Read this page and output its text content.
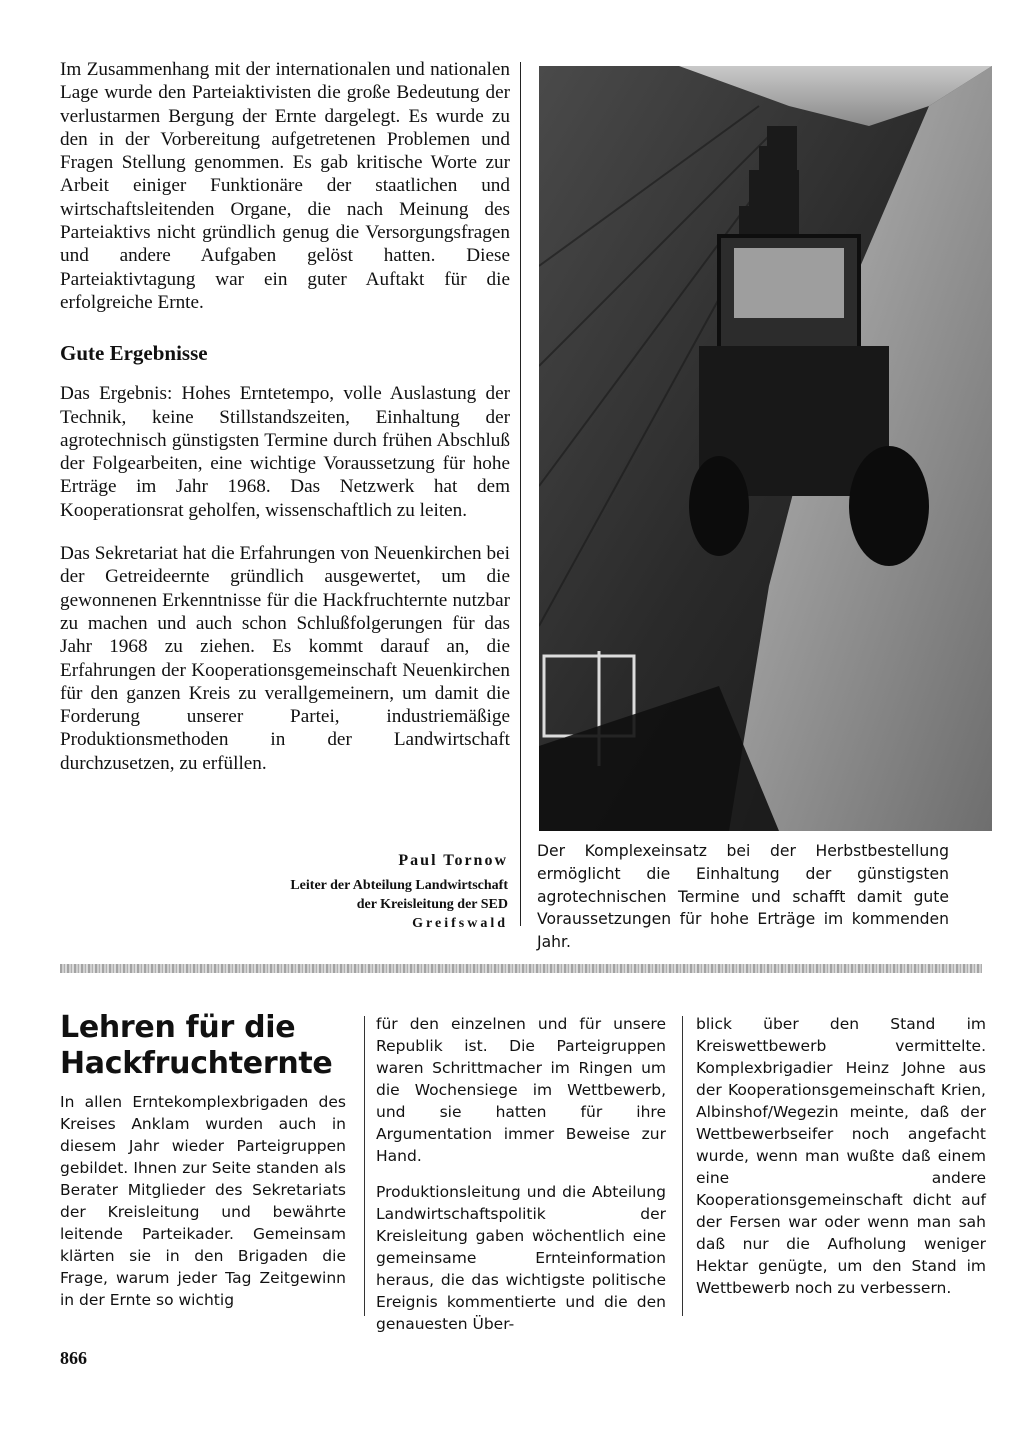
Im Zusammenhang mit der internationalen und nationalen Lage wurde den Parteiaktivisten die große Bedeutung der verlustarmen Bergung der Ernte dargelegt. Es wurde zu den in der Vorbereitung aufgetretenen Problemen und Fragen Stellung genommen. Es gab kritische Worte zur Arbeit einiger Funktionäre der staatlichen und wirtschaftsleitenden Organe, die nach Meinung des Parteiaktivs nicht gründlich genug die Versorgungsfragen und andere Aufgaben gelöst hatten. Diese Parteiaktivtagung war ein guter Auftakt für die erfolgreiche Ernte.

Gute Ergebnisse

Das Ergebnis: Hohes Erntetempo, volle Auslastung der Technik, keine Stillstandszeiten, Einhaltung der agrotechnisch günstigsten Termine durch frühen Abschluß der Folgearbeiten, eine wichtige Voraussetzung für hohe Erträge im Jahr 1968. Das Netzwerk hat dem Kooperationsrat geholfen, wissenschaftlich zu leiten.

Das Sekretariat hat die Erfahrungen von Neuenkirchen bei der Getreideernte gründlich ausgewertet, um die gewonnenen Erkenntnisse für die Hackfruchternte nutzbar zu machen und auch schon Schlußfolgerungen für das Jahr 1968 zu ziehen. Es kommt darauf an, die Erfahrungen der Kooperationsgemeinschaft Neuenkirchen für den ganzen Kreis zu verallgemeinern, um damit die Forderung unserer Partei, industriemäßige Produktionsmethoden in der Landwirtschaft durchzusetzen, zu erfüllen.

Paul Tornow
Leiter der Abteilung Landwirtschaft
der Kreisleitung der SED
Greifswald
Der Komplexeinsatz bei der Herbstbestellung ermöglicht die Einhaltung der günstigsten agrotechnischen Termine und schafft damit gute Voraussetzungen für hohe Erträge im kommenden Jahr.
Lehren für die
Hackfruchternte

In allen Erntekomplexbrigaden des Kreises Anklam wurden auch in diesem Jahr wieder Parteigruppen gebildet. Ihnen zur Seite standen als Berater Mitglieder des Sekretariats der Kreisleitung und bewährte leitende Parteikader. Gemeinsam klärten sie in den Brigaden die Frage, warum jeder Tag Zeitgewinn in der Ernte so wichtig

für den einzelnen und für unsere Republik ist. Die Parteigruppen waren Schrittmacher im Ringen um die Wochensiege im Wettbewerb, und sie hatten für ihre Argumentation immer Beweise zur Hand.

Produktionsleitung und die Abteilung Landwirtschaftspolitik der Kreisleitung gaben wöchentlich eine gemeinsame Ernteinformation heraus, die das wichtigste politische Ereignis kommentierte und die den genauesten Über-

blick über den Stand im Kreiswettbewerb vermittelte. Komplexbrigadier Heinz Johne aus der Kooperationsgemeinschaft Krien, Albinshof/Wegezin meinte, daß der Wettbewerbseifer noch angefacht wurde, wenn man wußte daß einem eine andere Kooperationsgemeinschaft dicht auf der Fersen war oder wenn man sah daß nur die Aufholung weniger Hektar genügte, um den Stand im Wettbewerb noch zu verbessern.

866
